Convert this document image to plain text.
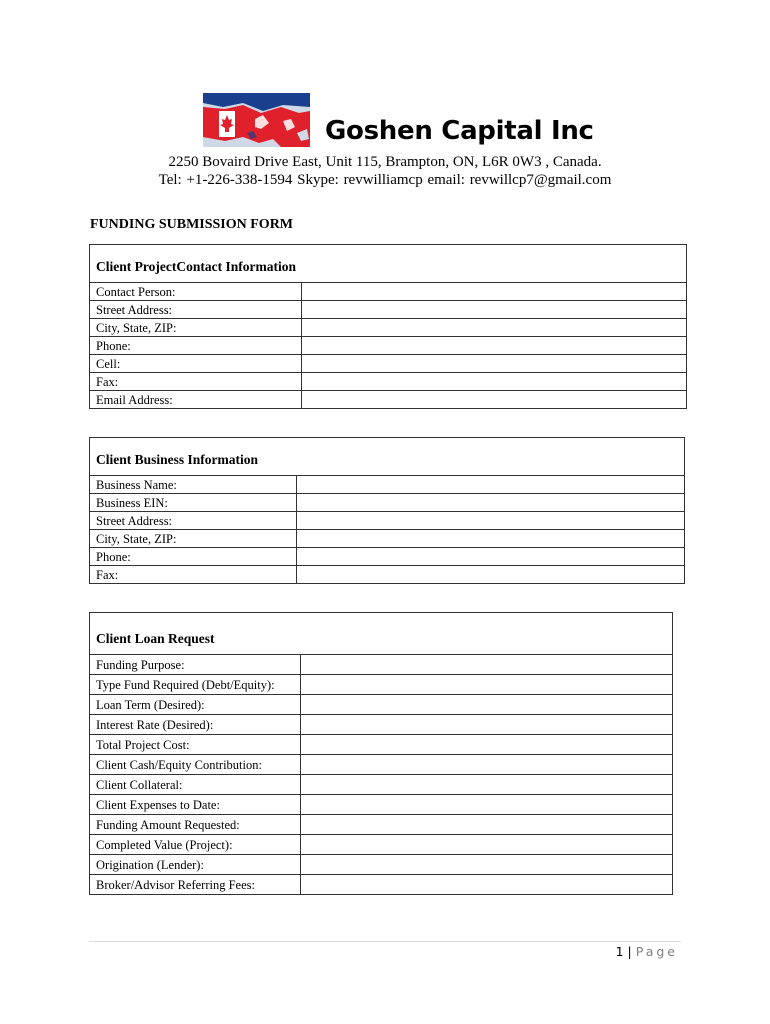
Goshen Capital Inc
2250 Bovaird Drive East, Unit 115, Brampton, ON, L6R 0W3 , Canada.
Tel: +1-226-338-1594 Skype: revwilliamcp email: revwillcp7@gmail.com
FUNDING SUBMISSION FORM
Client ProjectContact Information	
Contact Person:	
Street Address:	
City, State, ZIP:	
Phone:	
Cell:	
Fax:	
Email Address:	
Client Business Information	
Business Name:	
Business EIN:	
Street Address:	
City, State, ZIP:	
Phone:	
Fax:	
Client Loan Request	
Funding Purpose:	
Type Fund Required (Debt/Equity):	
Loan Term (Desired):	
Interest Rate (Desired):	
Total Project Cost:	
Client Cash/Equity Contribution:	
Client Collateral:	
Client Expenses to Date:	
Funding Amount Requested:	
Completed Value (Project):	
Origination (Lender):	
Broker/Advisor Referring Fees:	
1 | Page
